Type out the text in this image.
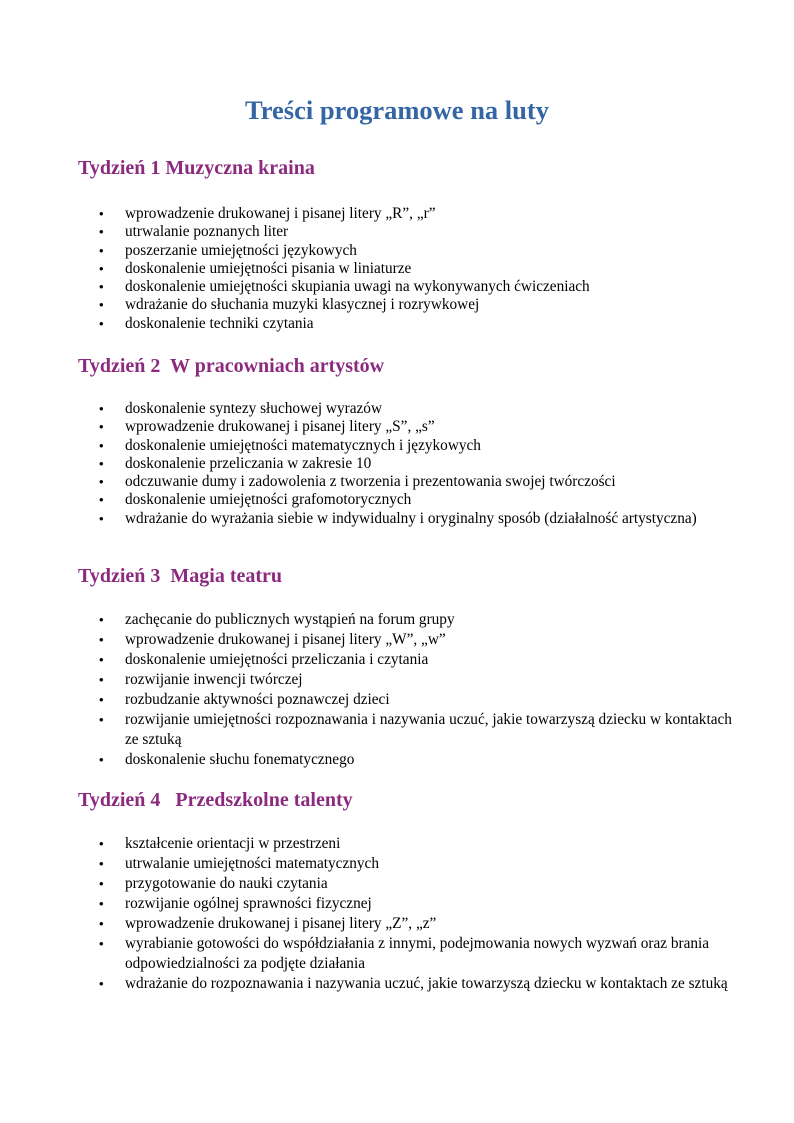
Treści programowe na luty
Tydzień 1 Muzyczna kraina
• wprowadzenie drukowanej i pisanej litery „R”, „r”
• utrwalanie poznanych liter
• poszerzanie umiejętności językowych
• doskonalenie umiejętności pisania w liniaturze
• doskonalenie umiejętności skupiania uwagi na wykonywanych ćwiczeniach
• wdrażanie do słuchania muzyki klasycznej i rozrywkowej
• doskonalenie techniki czytania
Tydzień 2  W pracowniach artystów
• doskonalenie syntezy słuchowej wyrazów
• wprowadzenie drukowanej i pisanej litery „S”, „s”
• doskonalenie umiejętności matematycznych i językowych
• doskonalenie przeliczania w zakresie 10
• odczuwanie dumy i zadowolenia z tworzenia i prezentowania swojej twórczości
• doskonalenie umiejętności grafomotorycznych
• wdrażanie do wyrażania siebie w indywidualny i oryginalny sposób (działalność artystyczna)
Tydzień 3  Magia teatru
• zachęcanie do publicznych wystąpień na forum grupy
• wprowadzenie drukowanej i pisanej litery „W”, „w”
• doskonalenie umiejętności przeliczania i czytania
• rozwijanie inwencji twórczej
• rozbudzanie aktywności poznawczej dzieci
• rozwijanie umiejętności rozpoznawania i nazywania uczuć, jakie towarzyszą dziecku w kontaktach ze sztuką
• doskonalenie słuchu fonematycznego
Tydzień 4   Przedszkolne talenty
• kształcenie orientacji w przestrzeni
• utrwalanie umiejętności matematycznych
• przygotowanie do nauki czytania
• rozwijanie ogólnej sprawności fizycznej
• wprowadzenie drukowanej i pisanej litery „Z”, „z”
• wyrabianie gotowości do współdziałania z innymi, podejmowania nowych wyzwań oraz brania odpowiedzialności za podjęte działania
• wdrażanie do rozpoznawania i nazywania uczuć, jakie towarzyszą dziecku w kontaktach ze sztuką
